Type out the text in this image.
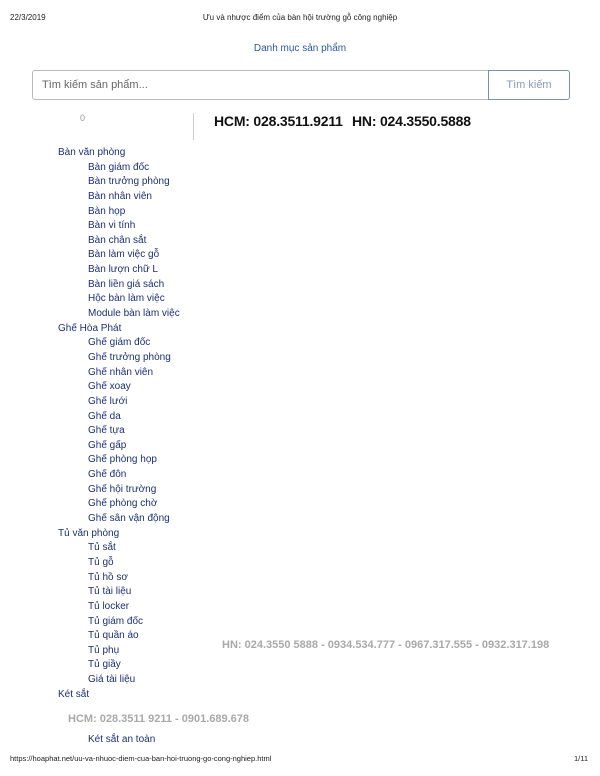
22/3/2019	Ưu và nhược điểm của bàn hội trường gỗ công nghiệp
Danh mục sản phẩm
Tìm kiếm sản phẩm...
Tìm kiếm
0	HCM: 028.3511.9211 HN: 024.3550.5888
Bàn văn phòng
Bàn giám đốc
Bàn trưởng phòng
Bàn nhân viên
Bàn họp
Bàn vi tính
Bàn chân sắt
Bàn làm việc gỗ
Bàn lượn chữ L
Bàn liền giá sách
Hộc bàn làm việc
Module bàn làm việc
Ghế Hòa Phát
Ghế giám đốc
Ghế trưởng phòng
Ghế nhân viên
Ghế xoay
Ghế lưới
Ghế da
Ghế tựa
Ghế gấp
Ghế phòng họp
Ghế đôn
Ghế hội trường
Ghế phòng chờ
Ghế sân vận động
Tủ văn phòng
Tủ sắt
Tủ gỗ
Tủ hồ sơ
Tủ tài liệu
Tủ locker
Tủ giám đốc
Tủ quần áo
Tủ phụ
Tủ giầy
Giá tài liệu
Két sắt
HN: 024.3550 5888 - 0934.534.777 - 0967.317.555 - 0932.317.198
HCM: 028.3511 9211 - 0901.689.678
Két sắt an toàn
https://hoaphat.net/uu-va-nhuoc-diem-cua-ban-hoi-truong-go-cong-nghiep.html	1/11
